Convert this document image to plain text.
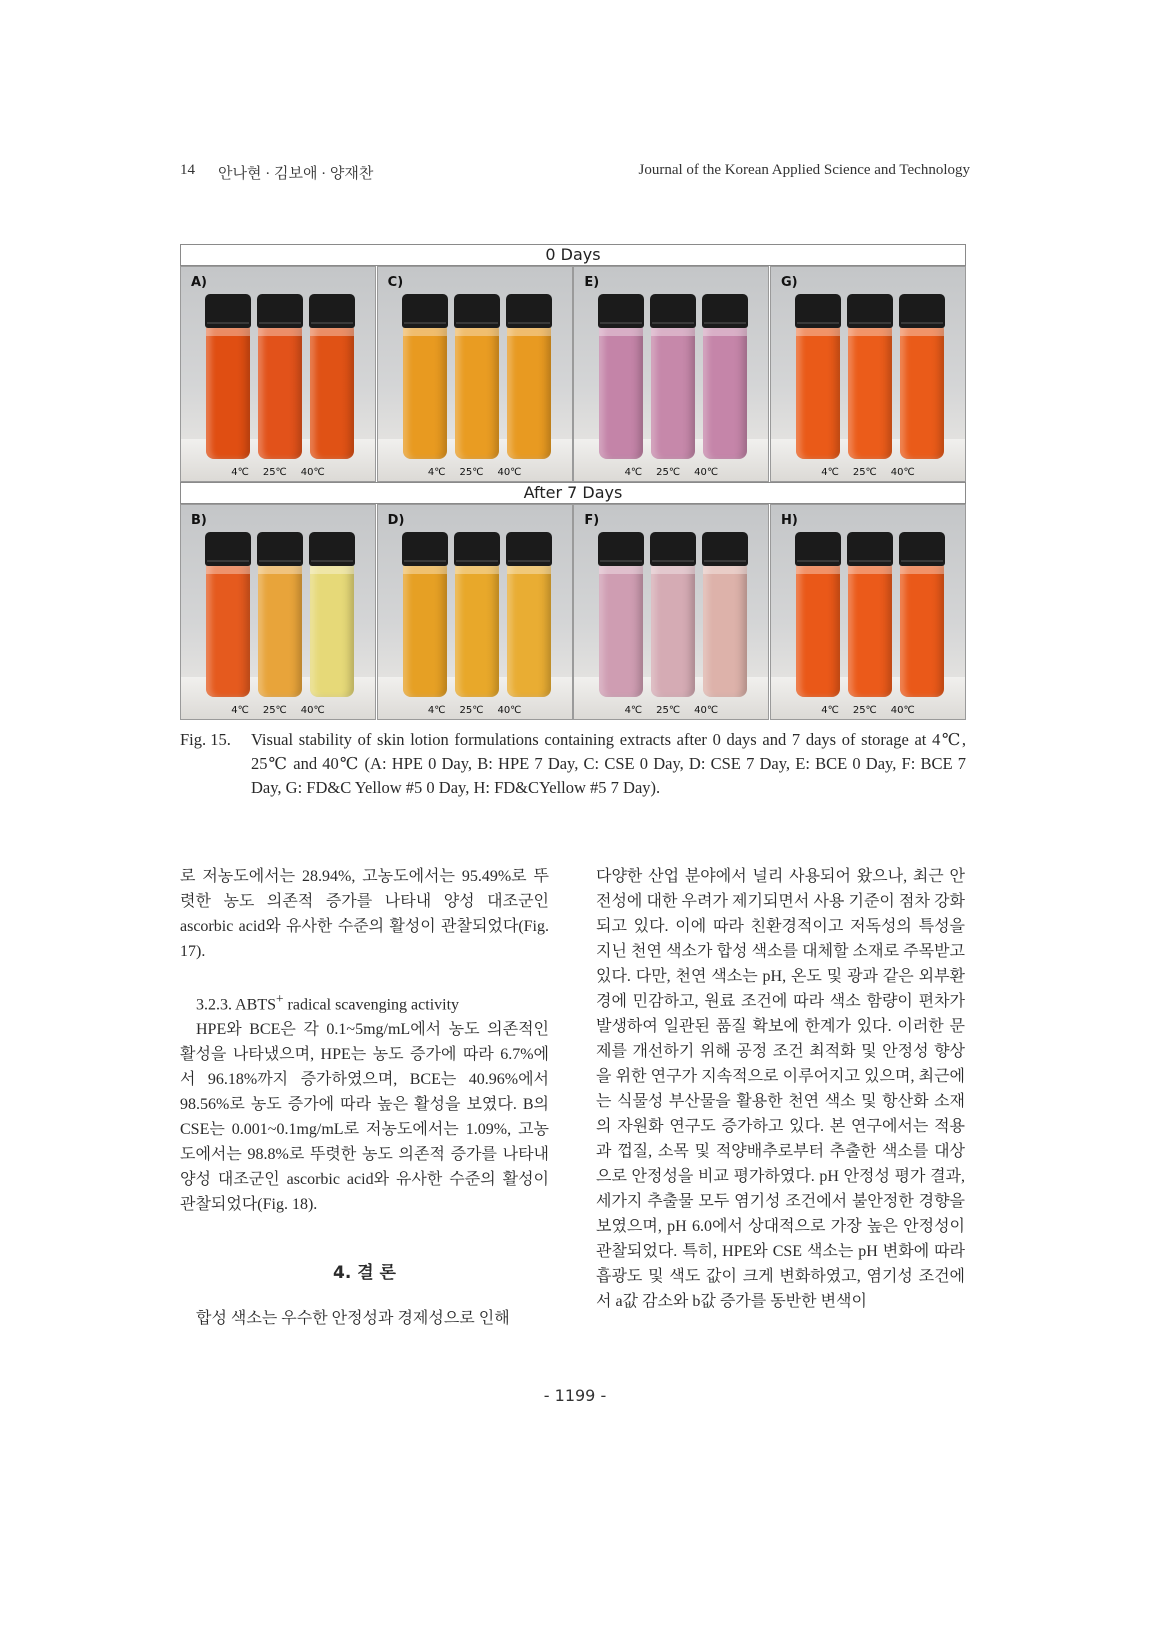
14 안나현 · 김보애 · 양재찬	Journal of the Korean Applied Science and Technology
0 Days
A)
4℃ 25℃ 40℃
C)
4℃ 25℃ 40℃
E)
4℃ 25℃ 40℃
G)
4℃ 25℃ 40℃
After 7 Days
B)
4℃ 25℃ 40℃
D)
4℃ 25℃ 40℃
F)
4℃ 25℃ 40℃
H)
4℃ 25℃ 40℃
Fig. 15. Visual stability of skin lotion formulations containing extracts after 0 days and 7 days of storage at 4℃, 25℃ and 40℃ (A: HPE 0 Day, B: HPE 7 Day, C: CSE 0 Day, D: CSE 7 Day, E: BCE 0 Day, F: BCE 7 Day, G: FD&C Yellow #5 0 Day, H: FD&CYellow #5 7 Day).

로 저농도에서는 28.94%, 고농도에서는 95.49%로 뚜렷한 농도 의존적 증가를 나타내 양성 대조군인 ascorbic acid와 유사한 수준의 활성이 관찰되었다(Fig. 17).

3.2.3. ABTS+ radical scavenging activity

HPE와 BCE은 각 0.1~5mg/mL에서 농도 의존적인 활성을 나타냈으며, HPE는 농도 증가에 따라 6.7%에서 96.18%까지 증가하였으며, BCE는 40.96%에서 98.56%로 농도 증가에 따라 높은 활성을 보였다. B의 CSE는 0.001~0.1mg/mL로 저농도에서는 1.09%, 고농도에서는 98.8%로 뚜렷한 농도 의존적 증가를 나타내 양성 대조군인 ascorbic acid와 유사한 수준의 활성이 관찰되었다(Fig. 18).

4. 결 론

합성 색소는 우수한 안정성과 경제성으로 인해

다양한 산업 분야에서 널리 사용되어 왔으나, 최근 안전성에 대한 우려가 제기되면서 사용 기준이 점차 강화되고 있다. 이에 따라 친환경적이고 저독성의 특성을 지닌 천연 색소가 합성 색소를 대체할 소재로 주목받고 있다. 다만, 천연 색소는 pH, 온도 및 광과 같은 외부환경에 민감하고, 원료 조건에 따라 색소 함량이 편차가 발생하여 일관된 품질 확보에 한계가 있다. 이러한 문제를 개선하기 위해 공정 조건 최적화 및 안정성 향상을 위한 연구가 지속적으로 이루어지고 있으며, 최근에는 식물성 부산물을 활용한 천연 색소 및 항산화 소재의 자원화 연구도 증가하고 있다. 본 연구에서는 적용과 껍질, 소목 및 적양배추로부터 추출한 색소를 대상으로 안정성을 비교 평가하였다. pH 안정성 평가 결과, 세가지 추출물 모두 염기성 조건에서 불안정한 경향을 보였으며, pH 6.0에서 상대적으로 가장 높은 안정성이 관찰되었다. 특히, HPE와 CSE 색소는 pH 변화에 따라 흡광도 및 색도 값이 크게 변화하였고, 염기성 조건에서 a값 감소와 b값 증가를 동반한 변색이

- 1199 -
